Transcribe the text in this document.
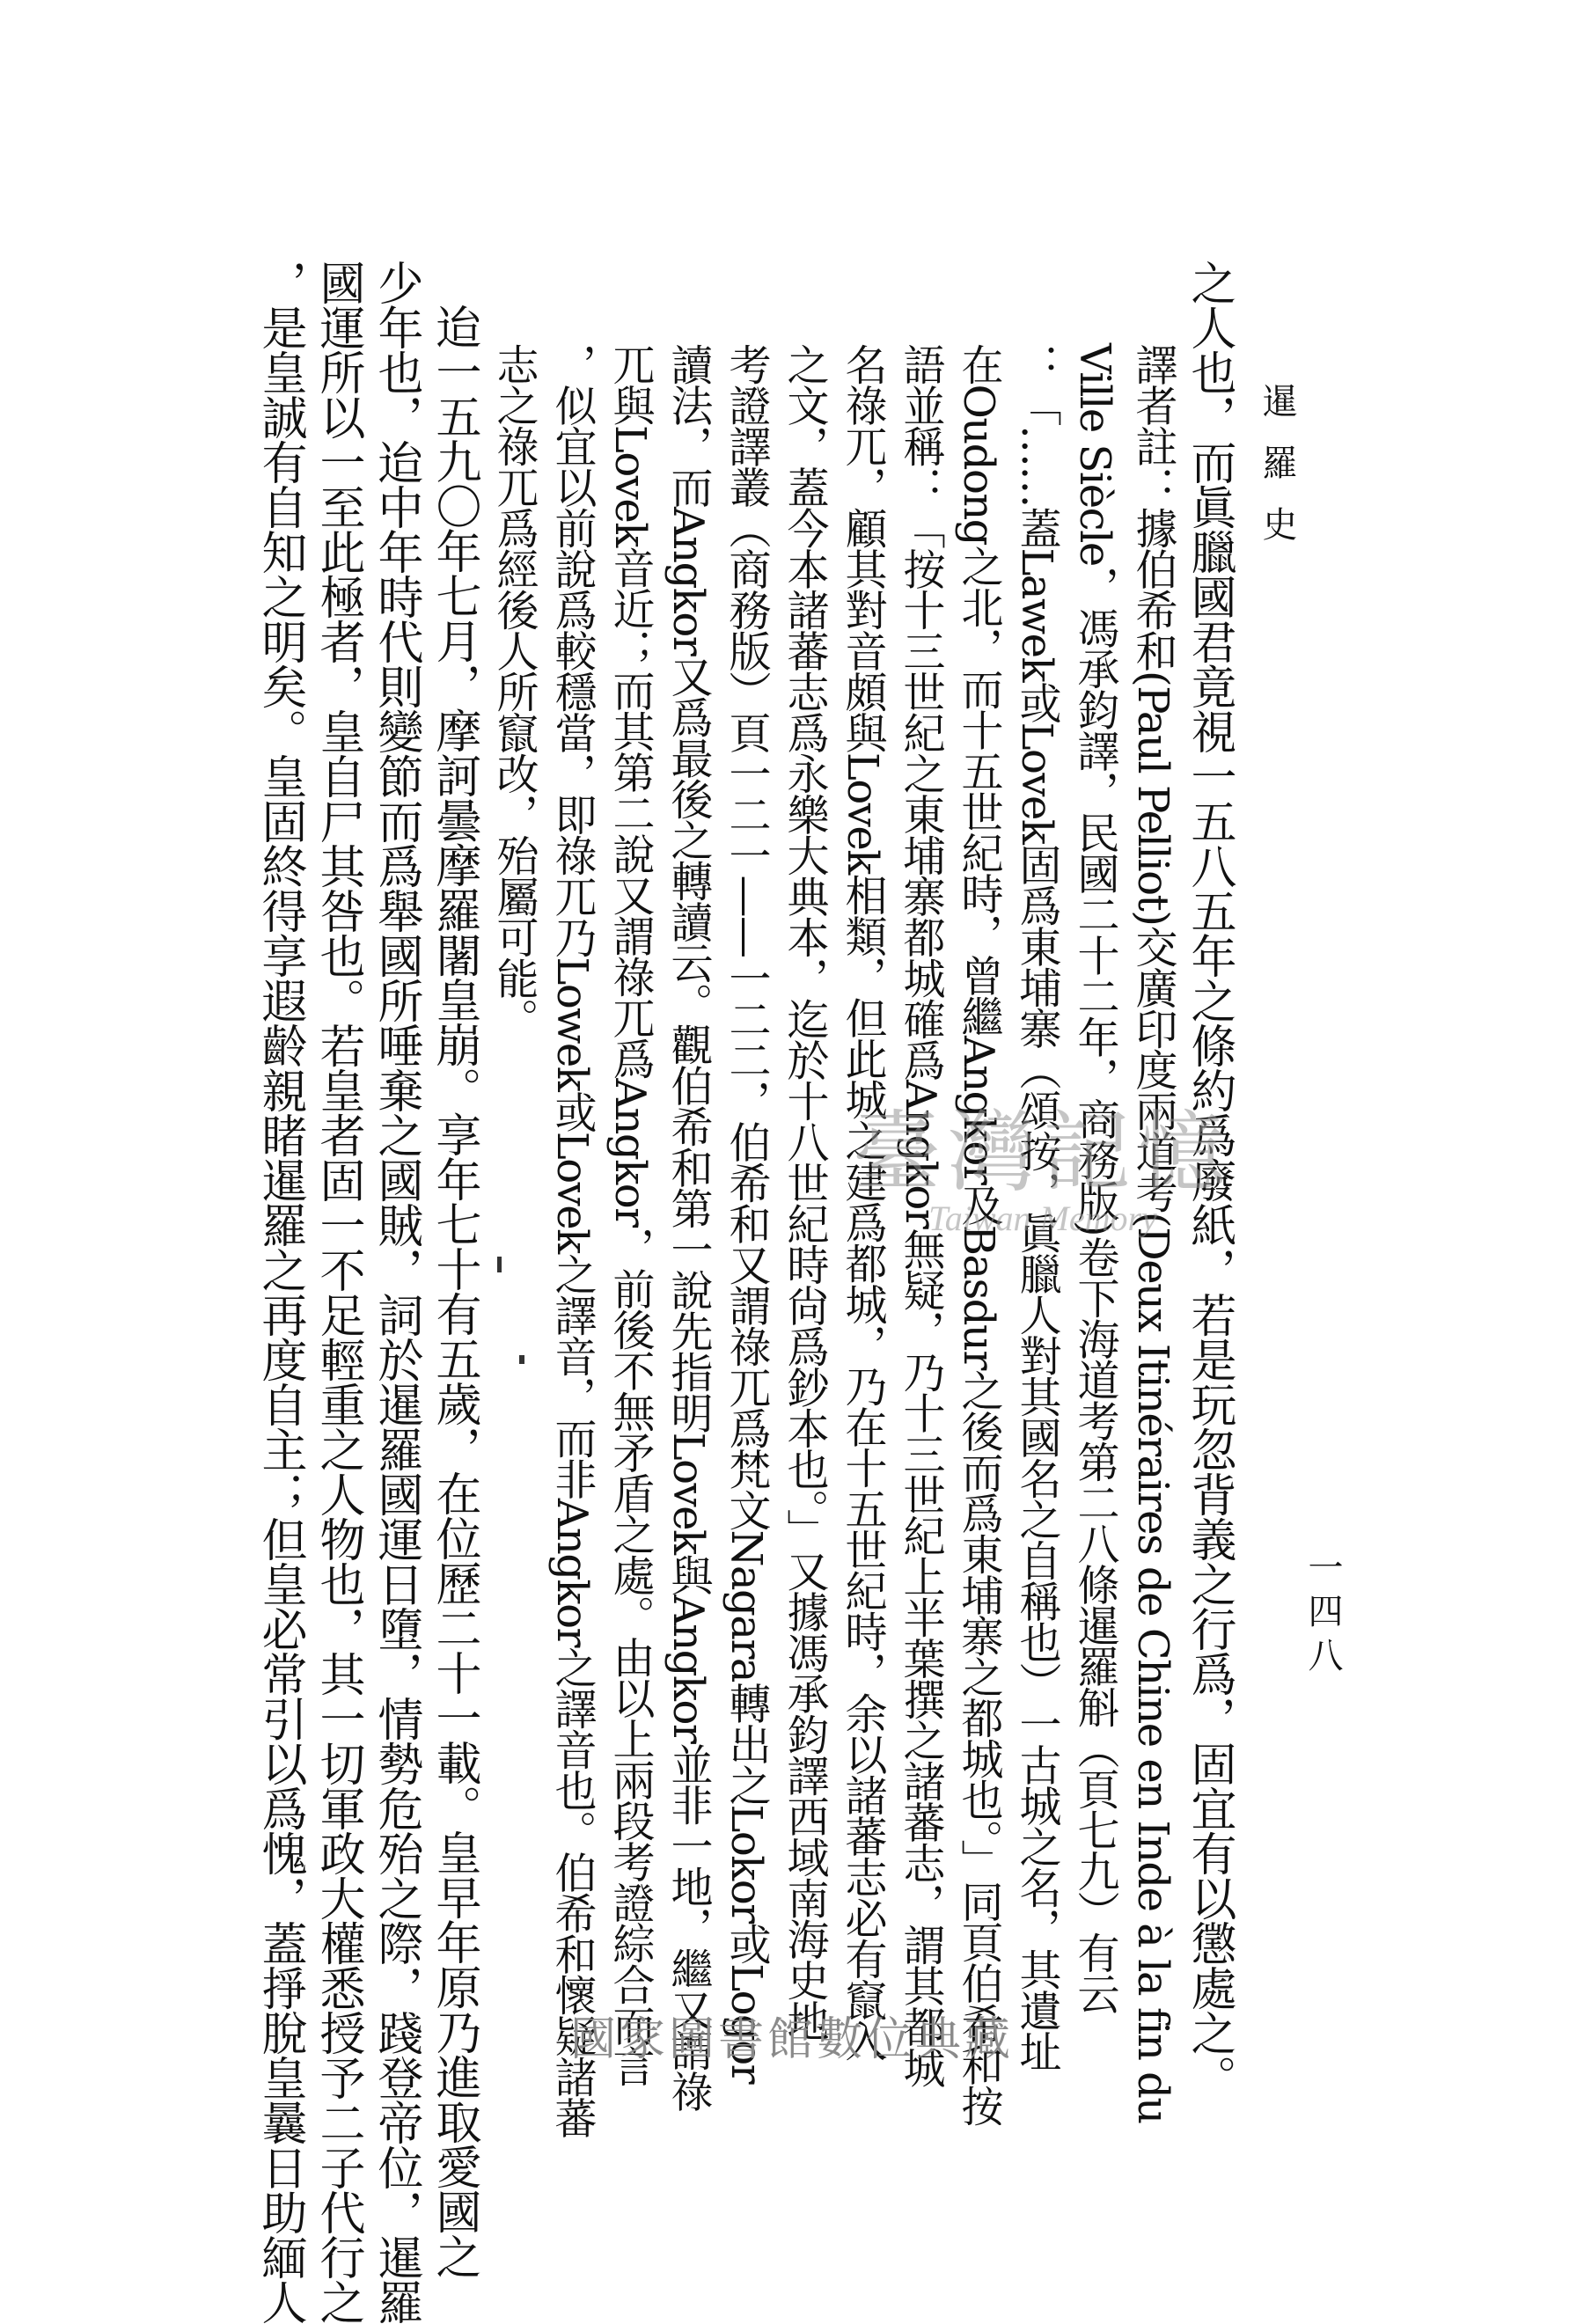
暹羅史
一四八
之人也，而眞臘國君竟視一五八五年之條約爲廢紙，若是玩忽背義之行爲，固宜有以懲處之。
譯者註：據伯希和(Paul Pelliot)交廣印度兩道考(Deux Itinéraires de Chine en Inde à la fin du
Ville Siècle，馮承鈞譯，民國二十二年，商務版)卷下海道考第二八條暹羅斛（頁七九）有云
：「……蓋Lawek或Lovek固爲東埔寨（頌按，眞臘人對其國名之自稱也）一古城之名，其遺址
在Oudong之北，而十五世紀時，曾繼Angkor及Basdur之後而爲東埔寨之都城也。」同頁伯希和按
語並稱：「按十三世紀之東埔寨都城確爲Angkor無疑，乃十三世紀上半葉撰之諸蕃志，謂其都城
名祿兀，顧其對音頗與Lovek相類，但此城之建爲都城，乃在十五世紀時，余以諸蕃志必有竄入
之文，蓋今本諸蕃志爲永樂大典本，迄於十八世紀時尙爲鈔本也。」又據馮承鈞譯西域南海史地
考證譯叢（商務版）頁一二一——一二二，伯希和又謂祿兀爲梵文Nagara轉出之Lokor或Logor
讀法，而Angkor又爲最後之轉讀云。觀伯希和第一說先指明Lovek與Angkor並非一地，繼又謂祿
兀與Lovek音近；而其第二說又謂祿兀爲Angkor，前後不無矛盾之處。由以上兩段考證綜合而言
，似宜以前說爲較穩當，即祿兀乃Lowek或Lovek之譯音，而非Angkor之譯音也。伯希和懷疑諸蕃
志之祿兀爲經後人所竄改，殆屬可能。
迨一五九〇年七月，摩訶曇摩羅闍皇崩。享年七十有五歲，在位歷二十一載。皇早年原乃進取愛國之
少年也，迨中年時代則變節而爲舉國所唾棄之國賊，詞於暹羅國運日墮，情勢危殆之際，踐登帝位，暹羅
國運所以一至此極者，皇自尸其咎也。若皇者固一不足輕重之人物也，其一切軍政大權悉授予二子代行之
，是皇誠有自知之明矣。皇固終得享遐齡親睹暹羅之再度自主；但皇必常引以爲愧，蓋掙脫皇曩日助緬人	臺灣記憶
Taiwan Memory
國家圖書館數位典藏
